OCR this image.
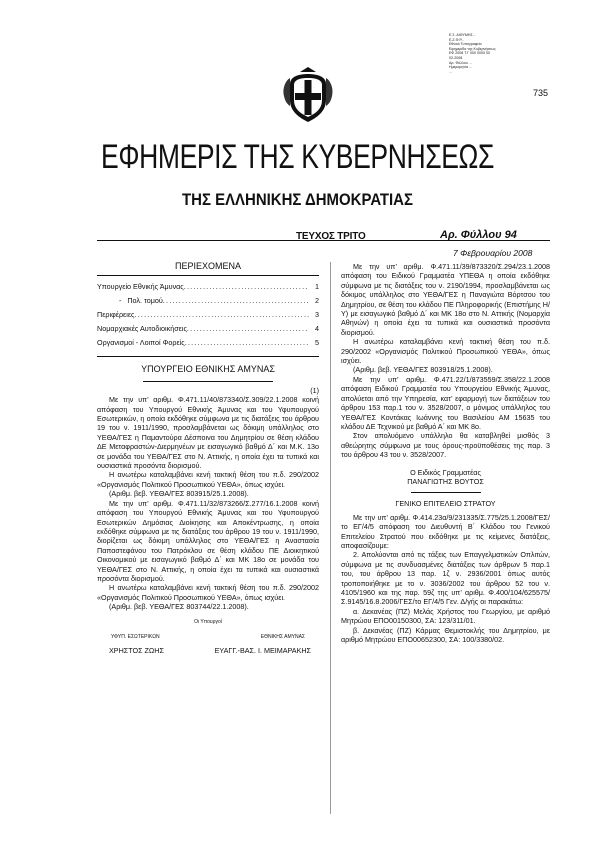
Ε.Σ. ΑΙΘΥΜΗΣ...
Ε.Ζ.Φ.Ρ...
Εθνικό Τυπογραφείο
Εφημερίδα της Κυβερνήσεως
ΕΦ 2008 Τ.Γ 000 0000 00
02-2008
Αρ. Φύλλου ...
Ημερομηνία ...
...
735
ΕΦΗΜΕΡΙΣ ΤΗΣ ΚΥΒΕΡΝΗΣΕΩΣ
ΤΗΣ ΕΛΛΗΝΙΚΗΣ ΔΗΜΟΚΡΑΤΙΑΣ
ΤΕΥΧΟΣ ΤΡΙΤΟ	Αρ. Φύλλου 94
7 Φεβρουαρίου 2008
ΠΕΡΙΕΧΟΜΕΝΑ
Υπουργείο Εθνικής Άμυνας .....	1
-   Πολ. τομού .....	2
Περιφέρειες .....	3
Νομαρχιακές Αυτοδιοικήσεις .....	4
Οργανισμοί - Λοιποί Φορείς .....	5
ΥΠΟΥΡΓΕΙΟ ΕΘΝΙΚΗΣ ΑΜΥΝΑΣ
(1)

Με την υπ’ αριθμ. Φ.471.11/40/873340/Σ.309/22.1.2008 κοινή απόφαση του Υπουργού Εθνικής Άμυνας και του Υφυπουργού Εσωτερικών, η οποία εκδόθηκε σύμφωνα με τις διατάξεις του άρθρου 19 του ν. 1911/1990, προσλαμβάνεται ως δόκιμη υπάλληλος στο ΥΕΘΑ/ΓΕΣ η Παμαντούρα Δέσποινα του Δημητρίου σε θέση κλάδου ΔΕ Μεταφραστών-Διερμηνέων με εισαγωγικό βαθμό Δ΄ και Μ.Κ. 13ο σε μονάδα του ΥΕΘΑ/ΓΕΣ στο Ν. Αττικής, η οποία έχει τα τυπικά και ουσιαστικά προσόντα διορισμού.

Η ανωτέρω καταλαμβάνει κενή τακτική θέση του π.δ. 290/2002 «Οργανισμός Πολιτικού Προσωπικού ΥΕΘΑ», όπως ισχύει.

(Αριθμ. βεβ. ΥΕΘΑ/ΓΕΣ 803915/25.1.2008).

Με την υπ’ αριθμ. Φ.471.11/32/873266/Σ.277/16.1.2008 κοινή απόφαση του Υπουργού Εθνικής Άμυνας και του Υφυπουργού Εσωτερικών Δημόσιας Διοίκησης και Αποκέντρωσης, η οποία εκδόθηκε σύμφωνα με τις διατάξεις του άρθρου 19 του ν. 1911/1990, διορίζεται ως δόκιμη υπάλληλος στο ΥΕΘΑ/ΓΕΣ η Αναστασία Παπαστεφάνου του Πατρόκλου σε θέση κλάδου ΠΕ Διοικητικού Οικονομικού με εισαγωγικό βαθμό Δ΄ και ΜΚ 18ο σε μονάδα του ΥΕΘΑ/ΓΕΣ στο Ν. Αττικής, η οποία έχει τα τυπικά και ουσιαστικά προσόντα διορισμού.

Η ανωτέρω καταλαμβάνει κενή τακτική θέση του π.δ. 290/2002 «Οργανισμός Πολιτικού Προσωπικού ΥΕΘΑ», όπως ισχύει.

(Αριθμ. βεβ. ΥΕΘΑ/ΓΕΣ 803744/22.1.2008).

Οι Υπουργοί
ΥΦΥΠ. ΕΣΩΤΕΡΙΚΩΝ	ΕΘΝΙΚΗΣ ΑΜΥΝΑΣ
ΧΡΗΣΤΟΣ ΖΩΗΣ	ΕΥΑΓΓ.-ΒΑΣ. Ι. ΜΕΙΜΑΡΑΚΗΣ

Με την υπ’ αριθμ. Φ.471.11/39/873320/Σ.294/23.1.2008 απόφαση του Ειδικού Γραμματέα ΥΠΕΘΑ η οποία εκδόθηκε σύμφωνα με τις διατάξεις του ν. 2190/1994, προσλαμβάνεται ως δόκιμος υπάλληλος στο ΥΕΘΑ/ΓΕΣ η Παναγιώτα Βόρτσου του Δημητρίου, σε θέση του κλάδου ΠΕ Πληροφορικής (Επιστήμης Η/Υ) με εισαγωγικό βαθμό Δ΄ και ΜΚ 18ο στο Ν. Αττικής (Νομαρχία Αθηνών) η οποία έχει τα τυπικά και ουσιαστικά προσόντα διορισμού.

Η ανωτέρω καταλαμβάνει κενή τακτική θέση του π.δ. 290/2002 «Οργανισμός Πολιτικού Προσωπικού ΥΕΘΑ», όπως ισχύει.

(Αριθμ. βεβ. ΥΕΘΑ/ΓΕΣ 803918/25.1.2008).

Με την υπ’ αριθμ. Φ.471.22/1/873559/Σ.358/22.1.2008 απόφαση Ειδικού Γραμματέα του Υπουργείου Εθνικής Άμυνας, απολύεται από την Υπηρεσία, κατ’ εφαρμογή των διατάξεων του άρθρου 153 παρ.1 του ν. 3528/2007, ο μόνιμος υπάλληλος του ΥΕΘΑ/ΓΕΣ Κοντάκας Ιωάννης του Βασιλείου ΑΜ 15635 του κλάδου ΔΕ Τεχνικού με βαθμό Α΄ και ΜΚ 8ο.

Στον απολυόμενο υπάλληλο θα καταβληθεί μισθός 3 αθεώρητης σύμφωνα με τους όρους-προϋποθέσεις της παρ. 3 του άρθρου 43 του ν. 3528/2007.

Ο Ειδικός Γραμματέας
ΠΑΝΑΓΙΩΤΗΣ ΒΟΥΤΟΣ
ΓΕΝΙΚΟ ΕΠΙΤΕΛΕΙΟ ΣΤΡΑΤΟΥ

Με την υπ’ αριθμ. Φ.414.23α/9/231335/Σ.775/25.1.2008/ΓΕΣ/το ΕΓ/4/5 απόφαση του Διευθυντή Β΄ Κλάδου του Γενικού Επιτελείου Στρατού που εκδόθηκε με τις κείμενες διατάξεις, αποφασίζουμε:

2. Απολύονται από τις τάξεις των Επαγγελματικών Οπλιτών, σύμφωνα με τις συνδυασμένες διατάξεις των άρθρων 5 παρ.1 του, του άρθρου 13 παρ. 1ζ ν. 2936/2001 όπως αυτός τροποποιήθηκε με το ν. 3036/2002 του άρθρου 52 του ν. 4105/1960 και της παρ. 59ζ της υπ’ αριθμ. Φ.400/104/625575/Σ.9145/16.8.2006/ΓΕΣ/το ΕΓ/4/5 Γεν. Δ/γής οι παρακάτω:

α. Δεκανέας (ΠΖ) Μελάς Χρήστος του Γεωργίου, με αριθμό Μητρώου ΕΠΟ00150300, ΣΑ: 123/311/01.

β. Δεκανέας (ΠΖ) Κάρμας Θεμιστοκλής του Δημητρίου, με αριθμό Μητρώου ΕΠΟ00652300, ΣΑ: 100/3380/02.
